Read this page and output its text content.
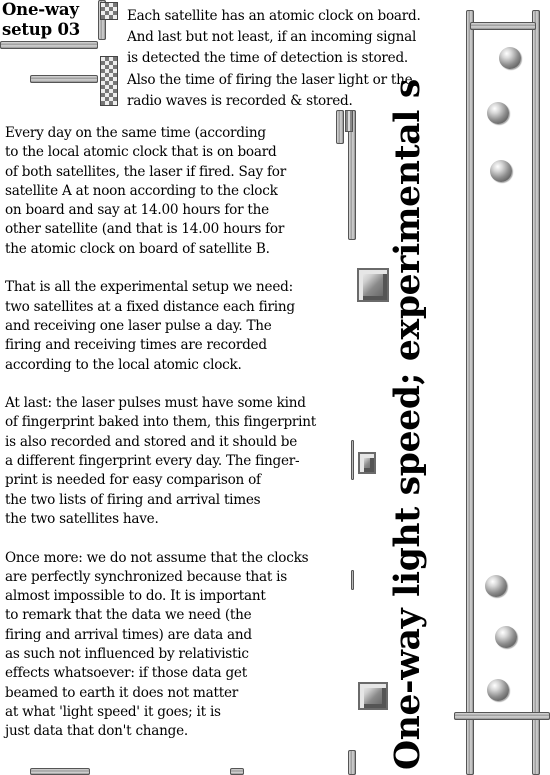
One-way
setup 03
Each satellite has an atomic clock on board.
And last but not least, if an incoming signal
is detected the time of detection is stored.
Also the time of firing the laser light or the
radio waves is recorded & stored.
Every day on the same time (according
to the local atomic clock that is on board
of both satellites, the laser if fired. Say for
satellite A at noon according to the clock
on board and say at 14.00 hours for the
other satellite (and that is 14.00 hours for
the atomic clock on board of satellite B.
That is all the experimental setup we need:
two satellites at a fixed distance each firing
and receiving one laser pulse a day. The
firing and receiving times are recorded
according to the local atomic clock.
At last: the laser pulses must have some kind
of fingerprint baked into them, this fingerprint
is also recorded and stored and it should be
a different fingerprint every day. The finger-
print is needed for easy comparison of
the two lists of firing and arrival times
the two satellites have.
Once more: we do not assume that the clocks
are perfectly synchronized because that is
almost impossible to do. It is important
to remark that the data we need (the
firing and arrival times) are data and
as such not influenced by relativistic
effects whatsoever: if those data get
beamed to earth it does not matter
at what 'light speed' it goes; it is
just data that don't change.	One-way light speed; experimental s
